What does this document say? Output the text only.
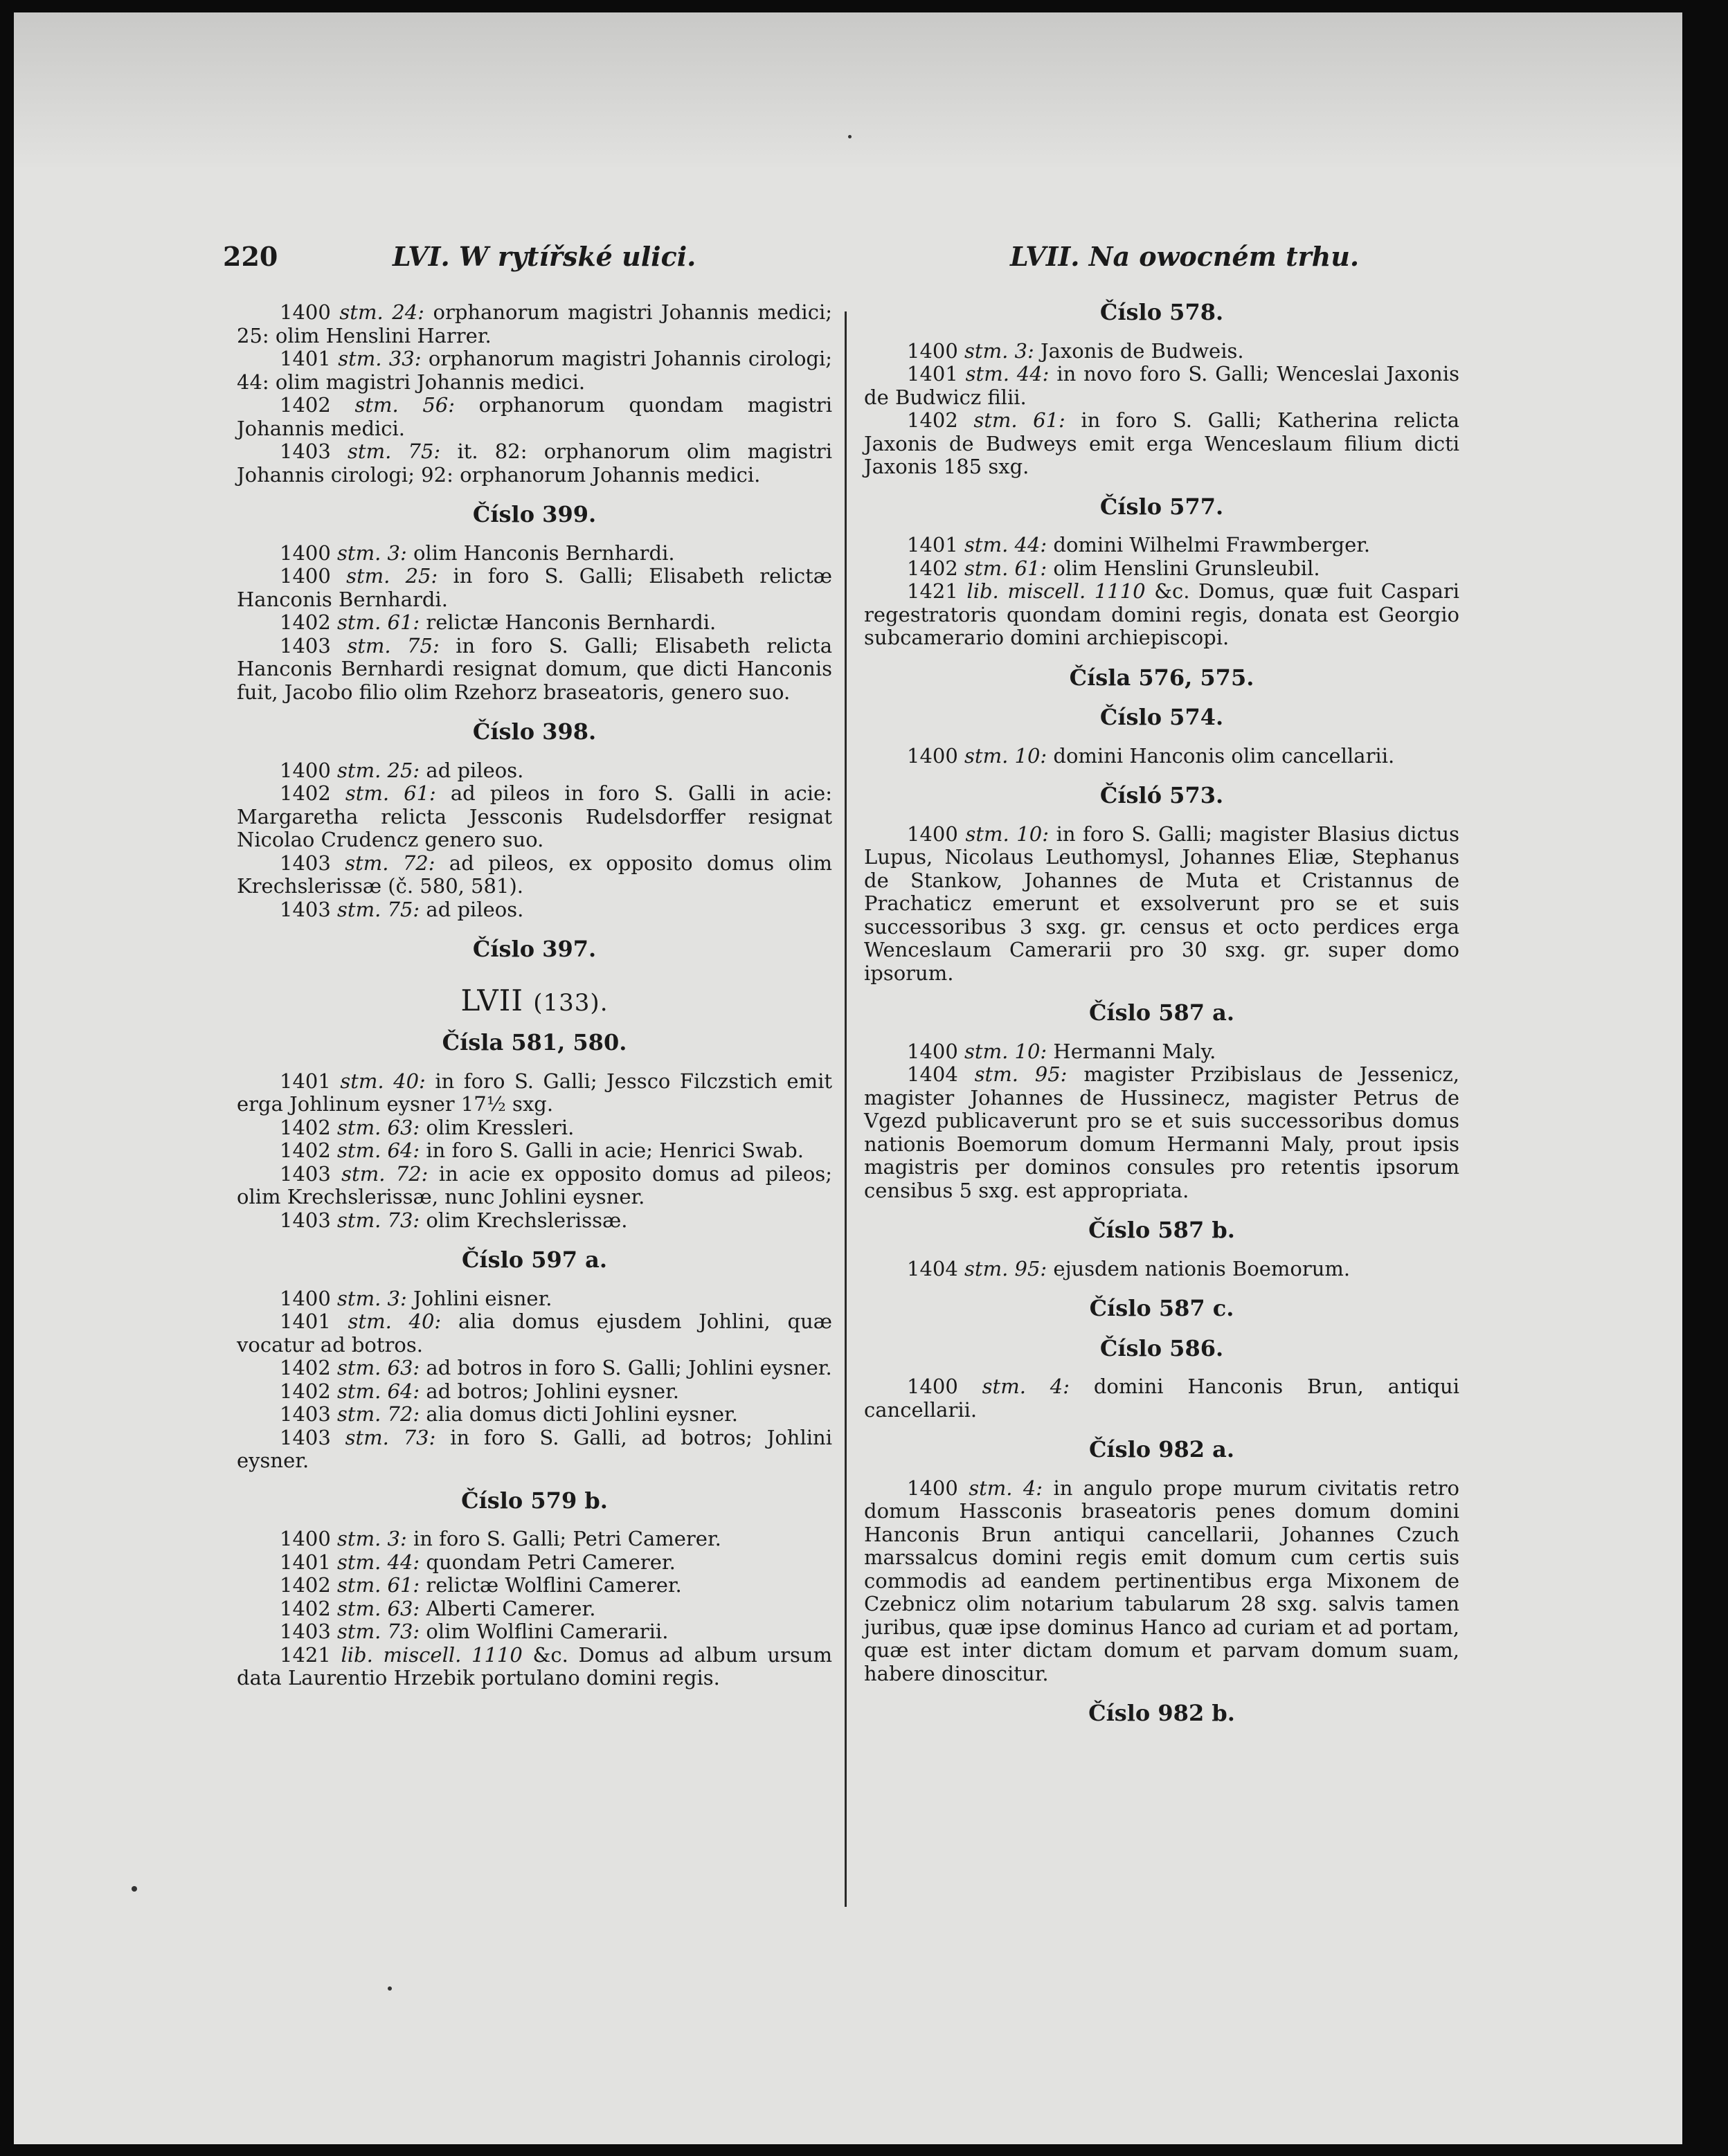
220	LVI. W rytířské ulici.	LVII. Na owocném trhu.

1400 stm. 24: orphanorum magistri Johannis medici; 25: olim Henslini Harrer.

1401 stm. 33: orphanorum magistri Johannis cirologi; 44: olim magistri Johannis medici.

1402 stm. 56: orphanorum quondam magistri Johannis medici.

1403 stm. 75: it. 82: orphanorum olim magistri Johannis cirologi; 92: orphanorum Johannis medici.

Číslo 399.

1400 stm. 3: olim Hanconis Bernhardi.

1400 stm. 25: in foro S. Galli; Elisabeth relictæ Hanconis Bernhardi.

1402 stm. 61: relictæ Hanconis Bernhardi.

1403 stm. 75: in foro S. Galli; Elisabeth relicta Hanconis Bernhardi resignat domum, que dicti Hanconis fuit, Jacobo filio olim Rzehorz braseatoris, genero suo.

Číslo 398.

1400 stm. 25: ad pileos.

1402 stm. 61: ad pileos in foro S. Galli in acie: Margaretha relicta Jessconis Rudelsdorffer resignat Nicolao Crudencz genero suo.

1403 stm. 72: ad pileos, ex opposito domus olim Krechslerissæ (č. 580, 581).

1403 stm. 75: ad pileos.

Číslo 397.
LVII (133).
Čísla 581, 580.

1401 stm. 40: in foro S. Galli; Jessco Filczstich emit erga Johlinum eysner 17½ sxg.

1402 stm. 63: olim Kressleri.

1402 stm. 64: in foro S. Galli in acie; Henrici Swab.

1403 stm. 72: in acie ex opposito domus ad pileos; olim Krechslerissæ, nunc Johlini eysner.

1403 stm. 73: olim Krechslerissæ.

Číslo 597 a.

1400 stm. 3: Johlini eisner.

1401 stm. 40: alia domus ejusdem Johlini, quæ vocatur ad botros.

1402 stm. 63: ad botros in foro S. Galli; Johlini eysner.

1402 stm. 64: ad botros; Johlini eysner.

1403 stm. 72: alia domus dicti Johlini eysner.

1403 stm. 73: in foro S. Galli, ad botros; Johlini eysner.

Číslo 579 b.

1400 stm. 3: in foro S. Galli; Petri Camerer.

1401 stm. 44: quondam Petri Camerer.

1402 stm. 61: relictæ Wolflini Camerer.

1402 stm. 63: Alberti Camerer.

1403 stm. 73: olim Wolflini Camerarii.

1421 lib. miscell. 1110 &c. Domus ad album ursum data Laurentio Hrzebik portulano domini regis.

Číslo 578.

1400 stm. 3: Jaxonis de Budweis.

1401 stm. 44: in novo foro S. Galli; Wenceslai Jaxonis de Budwicz filii.

1402 stm. 61: in foro S. Galli; Katherina relicta Jaxonis de Budweys emit erga Wenceslaum filium dicti Jaxonis 185 sxg.

Číslo 577.

1401 stm. 44: domini Wilhelmi Frawmberger.

1402 stm. 61: olim Henslini Grunsleubil.

1421 lib. miscell. 1110 &c. Domus, quæ fuit Caspari regestratoris quondam domini regis, donata est Georgio subcamerario domini archiepiscopi.

Čísla 576, 575.
Číslo 574.

1400 stm. 10: domini Hanconis olim cancellarii.

Čísló 573.

1400 stm. 10: in foro S. Galli; magister Blasius dictus Lupus, Nicolaus Leuthomysl, Johannes Eliæ, Stephanus de Stankow, Johannes de Muta et Cristannus de Prachaticz emerunt et exsolverunt pro se et suis successoribus 3 sxg. gr. census et octo perdices erga Wenceslaum Camerarii pro 30 sxg. gr. super domo ipsorum.

Číslo 587 a.

1400 stm. 10: Hermanni Maly.

1404 stm. 95: magister Przibislaus de Jessenicz, magister Johannes de Hussinecz, magister Petrus de Vgezd publicaverunt pro se et suis successoribus domus nationis Boemorum domum Hermanni Maly, prout ipsis magistris per dominos consules pro retentis ipsorum censibus 5 sxg. est appropriata.

Číslo 587 b.

1404 stm. 95: ejusdem nationis Boemorum.

Číslo 587 c.
Číslo 586.

1400 stm. 4: domini Hanconis Brun, antiqui cancellarii.

Číslo 982 a.

1400 stm. 4: in angulo prope murum civitatis retro domum Hassconis braseatoris penes domum domini Hanconis Brun antiqui cancellarii, Johannes Czuch marssalcus domini regis emit domum cum certis suis commodis ad eandem pertinentibus erga Mixonem de Czebnicz olim notarium tabularum 28 sxg. salvis tamen juribus, quæ ipse dominus Hanco ad curiam et ad portam, quæ est inter dictam domum et parvam domum suam, habere dinoscitur.

Číslo 982 b.
